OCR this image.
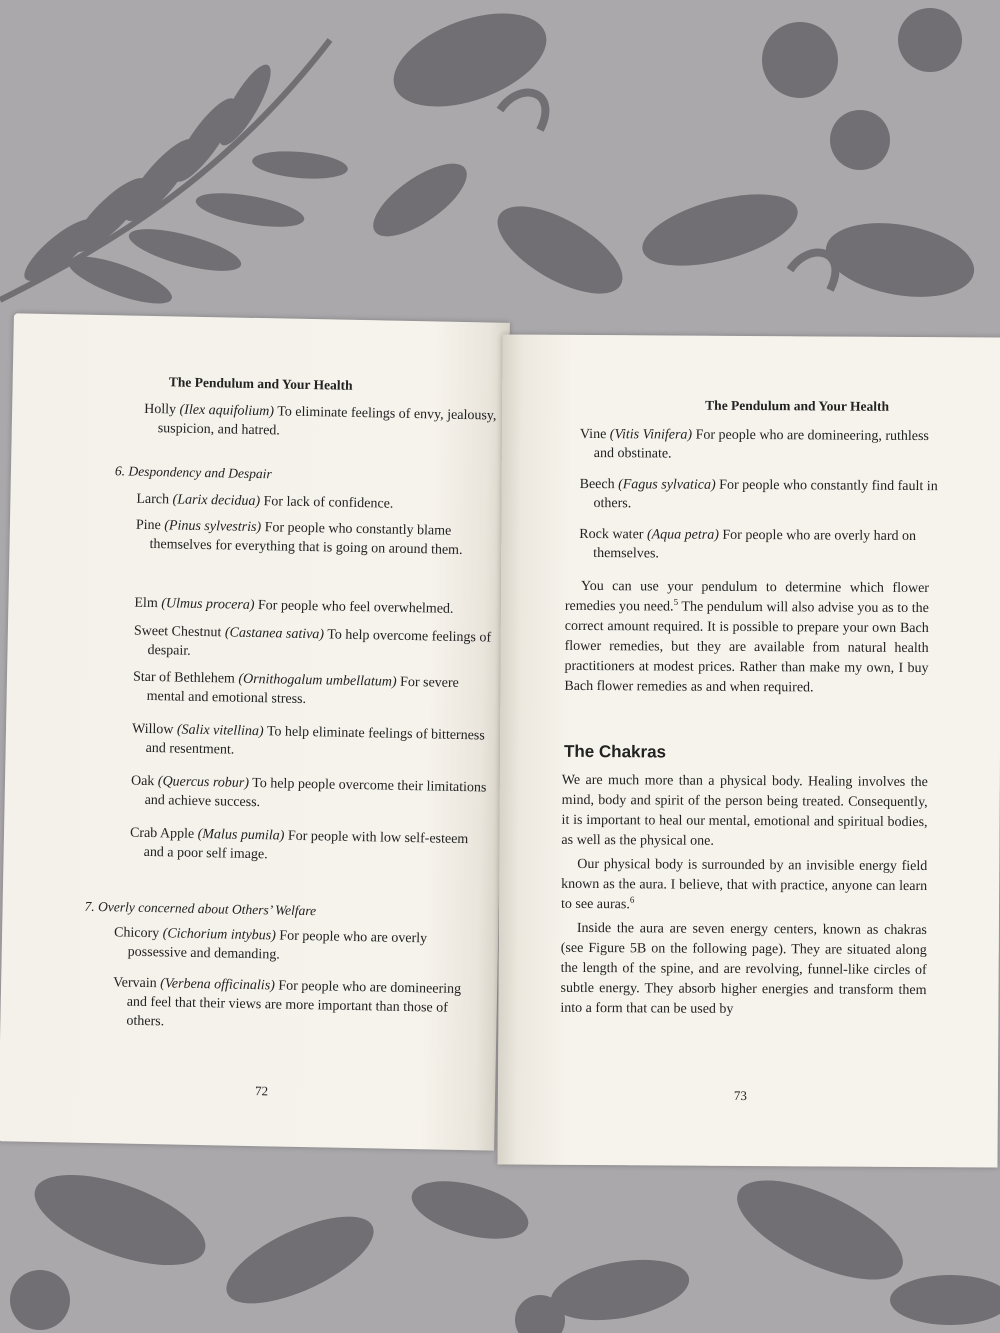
The Pendulum and Your Health
Holly (Ilex aquifolium) To eliminate feelings of envy, jealousy, suspicion, and hatred.
6. Despondency and Despair
Larch (Larix decidua) For lack of confidence.
Pine (Pinus sylvestris) For people who constantly blame themselves for everything that is going on around them.
Elm (Ulmus procera) For people who feel overwhelmed.
Sweet Chestnut (Castanea sativa) To help overcome feelings of despair.
Star of Bethlehem (Ornithogalum umbellatum) For severe mental and emotional stress.
Willow (Salix vitellina) To help eliminate feelings of bitterness and resentment.
Oak (Quercus robur) To help people overcome their limitations and achieve success.
Crab Apple (Malus pumila) For people with low self-esteem and a poor self image.
7. Overly concerned about Others’ Welfare
Chicory (Cichorium intybus) For people who are overly possessive and demanding.
Vervain (Verbena officinalis) For people who are domineering and feel that their views are more important than those of others.
72
The Pendulum and Your Health
Vine (Vitis Vinifera) For people who are domineering, ruthless and obstinate.
Beech (Fagus sylvatica) For people who constantly find fault in others.
Rock water (Aqua petra) For people who are overly hard on themselves.
You can use your pendulum to determine which flower remedies you need.$^5$ The pendulum will also advise you as to the correct amount required. It is possible to prepare your own Bach flower remedies, but they are available from natural health practitioners at modest prices. Rather than make my own, I buy Bach flower remedies as and when required.
The Chakras
We are much more than a physical body. Healing involves the mind, body and spirit of the person being treated. Consequently, it is important to heal our mental, emotional and spiritual bodies, as well as the physical one.
Our physical body is surrounded by an invisible energy field known as the aura. I believe, that with practice, anyone can learn to see auras.$^6$
Inside the aura are seven energy centers, known as chakras (see Figure 5B on the following page). They are situated along the length of the spine, and are revolving, funnel-like circles of subtle energy. They absorb higher energies and transform them into a form that can be used by
73
